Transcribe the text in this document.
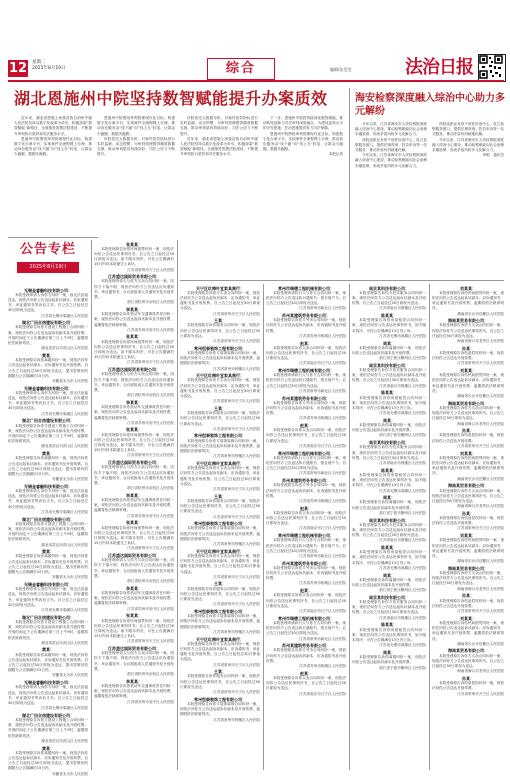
12 星期二
2025年8月19日	综合	编辑/张莹莹	法治日报
湖北恩施州中院坚持数智赋能提升办案质效	海安检察深度融入综治中心助力多元解纷

近年来，湖北省恩施土家族苗族自治州中级人民法院坚持以数字化改革为牵引，积极探索“数智赋能”新路径，全面推进智慧法院建设，不断提升审判执行质效和司法服务水平。

恩施州中院围绕审判管理现代化目标，构建数字化办案平台，实现案件全流程网上办理，推动诉讼服务由“线下跑”向“线上办”转变，让群众少跑腿、数据多跑路。

恩施州中院围绕审判管理现代化目标，构建数字化办案平台，实现案件全流程网上办理，推动诉讼服务由“线下跑”向“线上办”转变，让群众少跑腿、数据多跑路。

该院依托大数据分析，对案件质效指标进行实时监测、动态预警，为审判管理提供精准数据支撑，推动审判质效持续向好，司法公信力不断提升。

该院依托大数据分析，对案件质效指标进行实时监测、动态预警，为审判管理提供精准数据支撑，推动审判质效持续向好，司法公信力不断提升。

近年来，湖北省恩施土家族苗族自治州中级人民法院坚持以数字化改革为牵引，积极探索“数智赋能”新路径，全面推进智慧法院建设，不断提升审判执行质效和司法服务水平。

下一步，恩施州中院将持续深化数智赋能，推动科技创新与司法审判深度融合，为建设更高水平的平安恩施、法治恩施提供有力司法保障。

恩施州中院围绕审判管理现代化目标，构建数字化办案平台，实现案件全流程网上办理，推动诉讼服务由“线下跑”向“线上办”转变，让群众少跑腿、数据多跑路。

本报记者

今年以来，江苏省海安市人民检察院深度融入综治中心建设，推动检察职能向社会治理末端延伸，形成矛盾纠纷多元化解合力。

该院选派业务骨干常驻综治中心，设立检察服务窗口，提供法律咨询、控告申诉等一站式服务，推动矛盾纠纷就地化解。

今年以来，江苏省海安市人民检察院深度融入综治中心建设，推动检察职能向社会治理末端延伸，形成矛盾纠纷多元化解合力。

该院选派业务骨干常驻综治中心，设立检察服务窗口，提供法律咨询、控告申诉等一站式服务，推动矛盾纠纷就地化解。

今年以来，江苏省海安市人民检察院深度融入综治中心建设，推动检察职能向社会治理末端延伸，形成矛盾纠纷多元化解合力。

李明　通讯员

公告专栏
2025年8月19日

无锡金睿融科技有限公司：

本院受理申请人诉你方纠纷一案，因无法直接送达，现依法向你公告送达起诉状副本、应诉通知书、举证通知书等诉讼文书。自公告之日起经过30日即视为送达。

江苏省无锡市梁溪区人民法院

湖北广田合信建设有限公司：

本院受理原告诉你方建设工程施工合同纠纷一案，现依法向你公告送达起诉状副本及开庭传票。开庭时间定于公告期满后第三日上午9时，逾期将依法缺席判决。

湖北省武汉市洪山区人民法院

黄某：

本院受理原告诉你离婚纠纷一案，现依法向你公告送达起诉状副本、应诉通知书及开庭传票。自公告之日起经过30日即视为送达，提出答辩状的期限为公告期满后15日内。

安徽省无为市人民法院

无锡金睿融科技有限公司：

本院受理申请人诉你方纠纷一案，因无法直接送达，现依法向你公告送达起诉状副本、应诉通知书、举证通知书等诉讼文书。自公告之日起经过30日即视为送达。

江苏省无锡市梁溪区人民法院

湖北广田合信建设有限公司：

本院受理原告诉你方建设工程施工合同纠纷一案，现依法向你公告送达起诉状副本及开庭传票。开庭时间定于公告期满后第三日上午9时，逾期将依法缺席判决。

湖北省武汉市洪山区人民法院

黄某：

本院受理原告诉你离婚纠纷一案，现依法向你公告送达起诉状副本、应诉通知书及开庭传票。自公告之日起经过30日即视为送达，提出答辩状的期限为公告期满后15日内。

安徽省无为市人民法院

无锡金睿融科技有限公司：

本院受理申请人诉你方纠纷一案，因无法直接送达，现依法向你公告送达起诉状副本、应诉通知书、举证通知书等诉讼文书。自公告之日起经过30日即视为送达。

江苏省无锡市梁溪区人民法院

湖北广田合信建设有限公司：

本院受理原告诉你方建设工程施工合同纠纷一案，现依法向你公告送达起诉状副本及开庭传票。开庭时间定于公告期满后第三日上午9时，逾期将依法缺席判决。

湖北省武汉市洪山区人民法院

黄某：

本院受理原告诉你离婚纠纷一案，现依法向你公告送达起诉状副本、应诉通知书及开庭传票。自公告之日起经过30日即视为送达，提出答辩状的期限为公告期满后15日内。

安徽省无为市人民法院

无锡金睿融科技有限公司：

本院受理申请人诉你方纠纷一案，因无法直接送达，现依法向你公告送达起诉状副本、应诉通知书、举证通知书等诉讼文书。自公告之日起经过30日即视为送达。

江苏省无锡市梁溪区人民法院

湖北广田合信建设有限公司：

本院受理原告诉你方建设工程施工合同纠纷一案，现依法向你公告送达起诉状副本及开庭传票。开庭时间定于公告期满后第三日上午9时，逾期将依法缺席判决。

湖北省武汉市洪山区人民法院

黄某：

本院受理原告诉你离婚纠纷一案，现依法向你公告送达起诉状副本、应诉通知书及开庭传票。自公告之日起经过30日即视为送达，提出答辩状的期限为公告期满后15日内。

安徽省无为市人民法院

无锡金睿融科技有限公司：

本院受理申请人诉你方纠纷一案，因无法直接送达，现依法向你公告送达起诉状副本、应诉通知书、举证通知书等诉讼文书。自公告之日起经过30日即视为送达。

江苏省无锡市梁溪区人民法院

湖北广田合信建设有限公司：

本院受理原告诉你方建设工程施工合同纠纷一案，现依法向你公告送达起诉状副本及开庭传票。开庭时间定于公告期满后第三日上午9时，逾期将依法缺席判决。

湖北省武汉市洪山区人民法院

黄某：

本院受理原告诉你离婚纠纷一案，现依法向你公告送达起诉状副本、应诉通知书及开庭传票。自公告之日起经过30日即视为送达，提出答辩状的期限为公告期满后15日内。

安徽省无为市人民法院

张某某：

本院受理原告诉你民间借贷纠纷一案，现依法向你公告送达民事判决书。自公告之日起经过30日即视为送达。如不服本判决，可在公告期满后15日内向本院递交上诉状。

江苏省常州市天宁区人民法院

江苏盛达国际贸易有限公司：

本院受理申请人与你方买卖合同纠纷一案，因你方下落不明，现依法向你方公告送达应诉通知书、举证通知书、合议庭组成人员通知书及开庭传票。

浙江省杭州市余杭区人民法院

李某某：

本院受理原告诉你机动车交通事故责任纠纷一案，现依法向你公告送达起诉状副本及开庭传票，逾期将依法缺席审理。

江苏省苏州市吴中区人民法院

张某某：

本院受理原告诉你民间借贷纠纷一案，现依法向你公告送达民事判决书。自公告之日起经过30日即视为送达。如不服本判决，可在公告期满后15日内向本院递交上诉状。

江苏省常州市天宁区人民法院

江苏盛达国际贸易有限公司：

本院受理申请人与你方买卖合同纠纷一案，因你方下落不明，现依法向你方公告送达应诉通知书、举证通知书、合议庭组成人员通知书及开庭传票。

浙江省杭州市余杭区人民法院

李某某：

本院受理原告诉你机动车交通事故责任纠纷一案，现依法向你公告送达起诉状副本及开庭传票，逾期将依法缺席审理。

江苏省苏州市吴中区人民法院

张某某：

本院受理原告诉你民间借贷纠纷一案，现依法向你公告送达民事判决书。自公告之日起经过30日即视为送达。如不服本判决，可在公告期满后15日内向本院递交上诉状。

江苏省常州市天宁区人民法院

江苏盛达国际贸易有限公司：

本院受理申请人与你方买卖合同纠纷一案，因你方下落不明，现依法向你方公告送达应诉通知书、举证通知书、合议庭组成人员通知书及开庭传票。

浙江省杭州市余杭区人民法院

李某某：

本院受理原告诉你机动车交通事故责任纠纷一案，现依法向你公告送达起诉状副本及开庭传票，逾期将依法缺席审理。

江苏省苏州市吴中区人民法院

张某某：

本院受理原告诉你民间借贷纠纷一案，现依法向你公告送达民事判决书。自公告之日起经过30日即视为送达。如不服本判决，可在公告期满后15日内向本院递交上诉状。

江苏省常州市天宁区人民法院

江苏盛达国际贸易有限公司：

本院受理申请人与你方买卖合同纠纷一案，因你方下落不明，现依法向你方公告送达应诉通知书、举证通知书、合议庭组成人员通知书及开庭传票。

浙江省杭州市余杭区人民法院

李某某：

本院受理原告诉你机动车交通事故责任纠纷一案，现依法向你公告送达起诉状副本及开庭传票，逾期将依法缺席审理。

江苏省苏州市吴中区人民法院

张某某：

本院受理原告诉你民间借贷纠纷一案，现依法向你公告送达民事判决书。自公告之日起经过30日即视为送达。如不服本判决，可在公告期满后15日内向本院递交上诉状。

江苏省常州市天宁区人民法院

江苏盛达国际贸易有限公司：

本院受理申请人与你方买卖合同纠纷一案，因你方下落不明，现依法向你方公告送达应诉通知书、举证通知书、合议庭组成人员通知书及开庭传票。

浙江省杭州市余杭区人民法院

李某某：

本院受理原告诉你机动车交通事故责任纠纷一案，现依法向你公告送达起诉状副本及开庭传票，逾期将依法缺席审理。

江苏省苏州市吴中区人民法院

天宁区红梅叶宜家具商行：

本院受理原告诉你方买卖合同纠纷一案，现依法向你方公告送达起诉状副本、应诉通知书、举证通知书及开庭传票。自公告之日起经过30日即视为送达。

江苏省常州市天宁区人民法院

王某：

本院受理原告诉你服务合同纠纷一案，现依法向你公告送达民事判决书。自公告之日起经过30日即视为送达。

江苏省常州市天宁区人民法院

常州恒泰装饰工程有限公司：

本院受理原告诉你方装饰装修合同纠纷一案，现依法向你方公告送达起诉状副本及开庭传票，逾期将依法缺席判决。

江苏省常州市钟楼区人民法院

天宁区红梅叶宜家具商行：

本院受理原告诉你方买卖合同纠纷一案，现依法向你方公告送达起诉状副本、应诉通知书、举证通知书及开庭传票。自公告之日起经过30日即视为送达。

江苏省常州市天宁区人民法院

王某：

本院受理原告诉你服务合同纠纷一案，现依法向你公告送达民事判决书。自公告之日起经过30日即视为送达。

江苏省常州市天宁区人民法院

常州恒泰装饰工程有限公司：

本院受理原告诉你方装饰装修合同纠纷一案，现依法向你方公告送达起诉状副本及开庭传票，逾期将依法缺席判决。

江苏省常州市钟楼区人民法院

天宁区红梅叶宜家具商行：

本院受理原告诉你方买卖合同纠纷一案，现依法向你方公告送达起诉状副本、应诉通知书、举证通知书及开庭传票。自公告之日起经过30日即视为送达。

江苏省常州市天宁区人民法院

王某：

本院受理原告诉你服务合同纠纷一案，现依法向你公告送达民事判决书。自公告之日起经过30日即视为送达。

江苏省常州市天宁区人民法院

常州恒泰装饰工程有限公司：

本院受理原告诉你方装饰装修合同纠纷一案，现依法向你方公告送达起诉状副本及开庭传票，逾期将依法缺席判决。

江苏省常州市钟楼区人民法院

天宁区红梅叶宜家具商行：

本院受理原告诉你方买卖合同纠纷一案，现依法向你方公告送达起诉状副本、应诉通知书、举证通知书及开庭传票。自公告之日起经过30日即视为送达。

江苏省常州市天宁区人民法院

王某：

本院受理原告诉你服务合同纠纷一案，现依法向你公告送达民事判决书。自公告之日起经过30日即视为送达。

江苏省常州市天宁区人民法院

常州恒泰装饰工程有限公司：

本院受理原告诉你方装饰装修合同纠纷一案，现依法向你方公告送达起诉状副本及开庭传票，逾期将依法缺席判决。

江苏省常州市钟楼区人民法院

天宁区红梅叶宜家具商行：

本院受理原告诉你方买卖合同纠纷一案，现依法向你方公告送达起诉状副本、应诉通知书、举证通知书及开庭传票。自公告之日起经过30日即视为送达。

江苏省常州市天宁区人民法院

王某：

本院受理原告诉你服务合同纠纷一案，现依法向你公告送达民事判决书。自公告之日起经过30日即视为送达。

江苏省常州市天宁区人民法院

常州恒泰装饰工程有限公司：

本院受理原告诉你方装饰装修合同纠纷一案，现依法向你方公告送达起诉状副本及开庭传票，逾期将依法缺席判决。

江苏省常州市钟楼区人民法院

常州市瑞德工程机械有限公司：

本院受理申请执行人与你方合同纠纷一案，现依法向你方公告送达执行通知书、报告财产令。自公告之日起经过30日即视为送达。

江苏省常州市新北区人民法院

苏州某建筑劳务有限公司：

本院受理原告诉你方劳务合同纠纷一案，现依法向你方公告送达起诉状副本、应诉通知书及开庭传票。

江苏省苏州市相城区人民法院

赵某：

本院受理原告诉你买卖合同纠纷一案，现依法向你公告送达民事判决书，自公告之日起经过30日即视为送达。

江苏省南京市江宁区人民法院

常州市瑞德工程机械有限公司：

本院受理申请执行人与你方合同纠纷一案，现依法向你方公告送达执行通知书、报告财产令。自公告之日起经过30日即视为送达。

江苏省常州市新北区人民法院

苏州某建筑劳务有限公司：

本院受理原告诉你方劳务合同纠纷一案，现依法向你方公告送达起诉状副本、应诉通知书及开庭传票。

江苏省苏州市相城区人民法院

赵某：

本院受理原告诉你买卖合同纠纷一案，现依法向你公告送达民事判决书，自公告之日起经过30日即视为送达。

江苏省南京市江宁区人民法院

常州市瑞德工程机械有限公司：

本院受理申请执行人与你方合同纠纷一案，现依法向你方公告送达执行通知书、报告财产令。自公告之日起经过30日即视为送达。

江苏省常州市新北区人民法院

苏州某建筑劳务有限公司：

本院受理原告诉你方劳务合同纠纷一案，现依法向你方公告送达起诉状副本、应诉通知书及开庭传票。

江苏省苏州市相城区人民法院

赵某：

本院受理原告诉你买卖合同纠纷一案，现依法向你公告送达民事判决书，自公告之日起经过30日即视为送达。

江苏省南京市江宁区人民法院

常州市瑞德工程机械有限公司：

本院受理申请执行人与你方合同纠纷一案，现依法向你方公告送达执行通知书、报告财产令。自公告之日起经过30日即视为送达。

江苏省常州市新北区人民法院

苏州某建筑劳务有限公司：

本院受理原告诉你方劳务合同纠纷一案，现依法向你方公告送达起诉状副本、应诉通知书及开庭传票。

江苏省苏州市相城区人民法院

赵某：

本院受理原告诉你买卖合同纠纷一案，现依法向你公告送达民事判决书，自公告之日起经过30日即视为送达。

江苏省南京市江宁区人民法院

常州市瑞德工程机械有限公司：

本院受理申请执行人与你方合同纠纷一案，现依法向你方公告送达执行通知书、报告财产令。自公告之日起经过30日即视为送达。

江苏省常州市新北区人民法院

苏州某建筑劳务有限公司：

本院受理原告诉你方劳务合同纠纷一案，现依法向你方公告送达起诉状副本、应诉通知书及开庭传票。

江苏省苏州市相城区人民法院

赵某：

本院受理原告诉你买卖合同纠纷一案，现依法向你公告送达民事判决书，自公告之日起经过30日即视为送达。

江苏省南京市江宁区人民法院

南京某科技有限公司：

本院受理原告诉你方技术服务合同纠纷一案，现依法向你方公告送达起诉状副本及开庭传票。自公告之日起经过30日即视为送达。

江苏省南京市鼓楼区人民法院

陈某某：

本院受理原告诉你房屋租赁合同纠纷一案，现依法向你公告送达民事判决书，如不服本判决，可在公告期满后15日内上诉。

江苏省无锡市滨湖区人民法院

周某：

本院受理原告诉你离婚纠纷一案，现依法向你公告送达起诉状副本及开庭传票。

浙江省宁波市鄞州区人民法院

南京某科技有限公司：

本院受理原告诉你方技术服务合同纠纷一案，现依法向你方公告送达起诉状副本及开庭传票。自公告之日起经过30日即视为送达。

江苏省南京市鼓楼区人民法院

陈某某：

本院受理原告诉你房屋租赁合同纠纷一案，现依法向你公告送达民事判决书，如不服本判决，可在公告期满后15日内上诉。

江苏省无锡市滨湖区人民法院

周某：

本院受理原告诉你离婚纠纷一案，现依法向你公告送达起诉状副本及开庭传票。

浙江省宁波市鄞州区人民法院

南京某科技有限公司：

本院受理原告诉你方技术服务合同纠纷一案，现依法向你方公告送达起诉状副本及开庭传票。自公告之日起经过30日即视为送达。

江苏省南京市鼓楼区人民法院

陈某某：

本院受理原告诉你房屋租赁合同纠纷一案，现依法向你公告送达民事判决书，如不服本判决，可在公告期满后15日内上诉。

江苏省无锡市滨湖区人民法院

周某：

本院受理原告诉你离婚纠纷一案，现依法向你公告送达起诉状副本及开庭传票。

浙江省宁波市鄞州区人民法院

南京某科技有限公司：

本院受理原告诉你方技术服务合同纠纷一案，现依法向你方公告送达起诉状副本及开庭传票。自公告之日起经过30日即视为送达。

江苏省南京市鼓楼区人民法院

陈某某：

本院受理原告诉你房屋租赁合同纠纷一案，现依法向你公告送达民事判决书，如不服本判决，可在公告期满后15日内上诉。

江苏省无锡市滨湖区人民法院

周某：

本院受理原告诉你离婚纠纷一案，现依法向你公告送达起诉状副本及开庭传票。

浙江省宁波市鄞州区人民法院

南京某科技有限公司：

本院受理原告诉你方技术服务合同纠纷一案，现依法向你方公告送达起诉状副本及开庭传票。自公告之日起经过30日即视为送达。

江苏省南京市鼓楼区人民法院

陈某某：

本院受理原告诉你房屋租赁合同纠纷一案，现依法向你公告送达民事判决书，如不服本判决，可在公告期满后15日内上诉。

江苏省无锡市滨湖区人民法院

周某：

本院受理原告诉你离婚纠纷一案，现依法向你公告送达起诉状副本及开庭传票。

浙江省宁波市鄞州区人民法院

刘某某：

本院受理原告诉你民间借贷纠纷一案，现依法向你公告送达起诉状副本、应诉通知书、举证通知书及开庭传票，逾期将依法缺席判决。

湖南省长沙市岳麓区人民法院

海南某贸易有限公司：

本院受理原告诉你方买卖合同纠纷一案，现依法向你方公告送达民事判决书。自公告之日起经过30日即视为送达。

海南省海口市龙华区人民法院

孙某：

本院受理原告诉你追偿权纠纷一案，现依法向你公告送达开庭传票。

江苏省常州市天宁区人民法院

刘某某：

本院受理原告诉你民间借贷纠纷一案，现依法向你公告送达起诉状副本、应诉通知书、举证通知书及开庭传票，逾期将依法缺席判决。

湖南省长沙市岳麓区人民法院

海南某贸易有限公司：

本院受理原告诉你方买卖合同纠纷一案，现依法向你方公告送达民事判决书。自公告之日起经过30日即视为送达。

海南省海口市龙华区人民法院

孙某：

本院受理原告诉你追偿权纠纷一案，现依法向你公告送达开庭传票。

江苏省常州市天宁区人民法院

刘某某：

本院受理原告诉你民间借贷纠纷一案，现依法向你公告送达起诉状副本、应诉通知书、举证通知书及开庭传票，逾期将依法缺席判决。

湖南省长沙市岳麓区人民法院

海南某贸易有限公司：

本院受理原告诉你方买卖合同纠纷一案，现依法向你方公告送达民事判决书。自公告之日起经过30日即视为送达。

海南省海口市龙华区人民法院

孙某：

本院受理原告诉你追偿权纠纷一案，现依法向你公告送达开庭传票。

江苏省常州市天宁区人民法院

刘某某：

本院受理原告诉你民间借贷纠纷一案，现依法向你公告送达起诉状副本、应诉通知书、举证通知书及开庭传票，逾期将依法缺席判决。

湖南省长沙市岳麓区人民法院

海南某贸易有限公司：

本院受理原告诉你方买卖合同纠纷一案，现依法向你方公告送达民事判决书。自公告之日起经过30日即视为送达。

海南省海口市龙华区人民法院

孙某：

本院受理原告诉你追偿权纠纷一案，现依法向你公告送达开庭传票。

江苏省常州市天宁区人民法院

刘某某：

本院受理原告诉你民间借贷纠纷一案，现依法向你公告送达起诉状副本、应诉通知书、举证通知书及开庭传票，逾期将依法缺席判决。

湖南省长沙市岳麓区人民法院

海南某贸易有限公司：

本院受理原告诉你方买卖合同纠纷一案，现依法向你方公告送达民事判决书。自公告之日起经过30日即视为送达。

海南省海口市龙华区人民法院

孙某：

本院受理原告诉你追偿权纠纷一案，现依法向你公告送达开庭传票。

江苏省常州市天宁区人民法院
